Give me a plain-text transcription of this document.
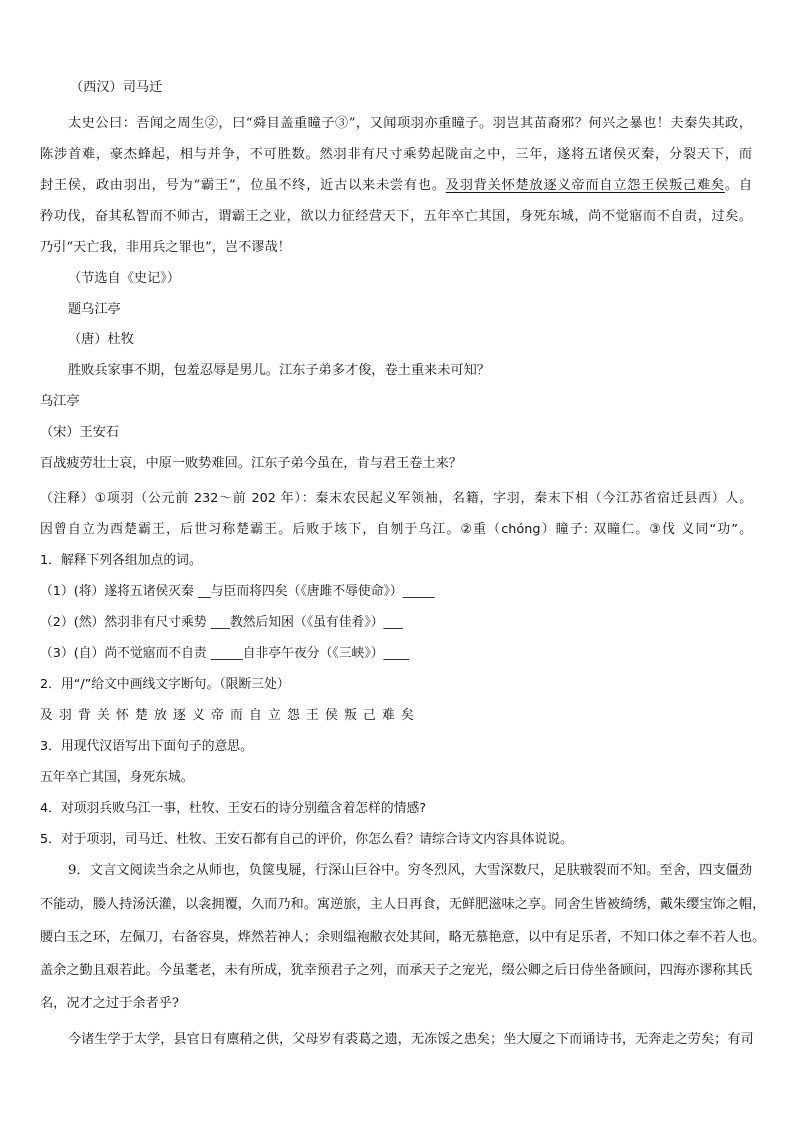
（西汉）司马迁
太史公曰：吾闻之周生②，曰“舜目盖重瞳子③”，又闻项羽亦重瞳子。羽岂其苗裔邪？何兴之暴也！夫秦失其政，
陈涉首难，豪杰蜂起，相与并争，不可胜数。然羽非有尺寸乘势起陇亩之中，三年，遂将五诸侯灭秦，分裂天下，而
封王侯，政由羽出，号为“霸王”，位虽不终，近古以来未尝有也。及羽背关怀楚放逐义帝而自立怨王侯叛己难矣。自
矜功伐，奋其私智而不师古，谓霸王之业，欲以力征经营天下，五年卒亡其国，身死东城，尚不觉寤而不自责，过矣。
乃引“天亡我，非用兵之罪也”，岂不谬哉！
（节选自《史记》）
题乌江亭
（唐）杜牧
胜败兵家事不期，包羞忍辱是男儿。江东子弟多才俊，卷土重来未可知？
乌江亭
（宋）王安石
百战疲劳壮士哀，中原一败势难回。江东子弟今虽在，肯与君王卷土来？
（注释）①项羽（公元前 232～前 202 年）：秦末农民起义军领袖，名籍，字羽，秦末下相（今江苏省宿迁县西）人。
因曾自立为西楚霸王，后世习称楚霸王。后败于垓下，自刎于乌江。②重（chóng）瞳子: 双瞳仁。③伐 义同“功”。
1．解释下列各组加点的词。
（1）(将）遂将五诸侯灭秦 __与臣而将四矣（《唐雎不辱使命》）_____
（2）(然）然羽非有尺寸乘势 ___教然后知困（《虽有佳肴》）___
（3）(自）尚不觉寤而不自责 _____自非亭午夜分（《三峡》）____
2．用“/”给文中画线文字断句。（限断三处）
及羽背关怀楚放逐义帝而自立怨王侯叛己难矣
3．用现代汉语写出下面句子的意思。
五年卒亡其国，身死东城。
4．对项羽兵败乌江一事，杜牧、王安石的诗分别蕴含着怎样的情感?
5．对于项羽，司马迁、杜牧、王安石都有自己的评价，你怎么看？请综合诗文内容具体说说。
9．文言文阅读当余之从师也，负箧曳屣，行深山巨谷中。穷冬烈风，大雪深数尺，足肤皲裂而不知。至舍，四支僵劲
不能动，媵人持汤沃灌，以衾拥覆，久而乃和。寓逆旅，主人日再食，无鲜肥滋味之享。同舍生皆被绮绣，戴朱缨宝饰之帽，
腰白玉之环，左佩刀，右备容臭，烨然若神人；余则缊袍敝衣处其间，略无慕艳意，以中有足乐者，不知口体之奉不若人也。
盖余之勤且艰若此。今虽耄老，未有所成，犹幸预君子之列，而承天子之宠光，缀公卿之后日侍坐备顾问，四海亦谬称其氏
名，况才之过于余者乎?
今诸生学于太学，县官日有廪稍之供，父母岁有裘葛之遗，无冻馁之患矣；坐大厦之下而诵诗书，无奔走之劳矣；有司
